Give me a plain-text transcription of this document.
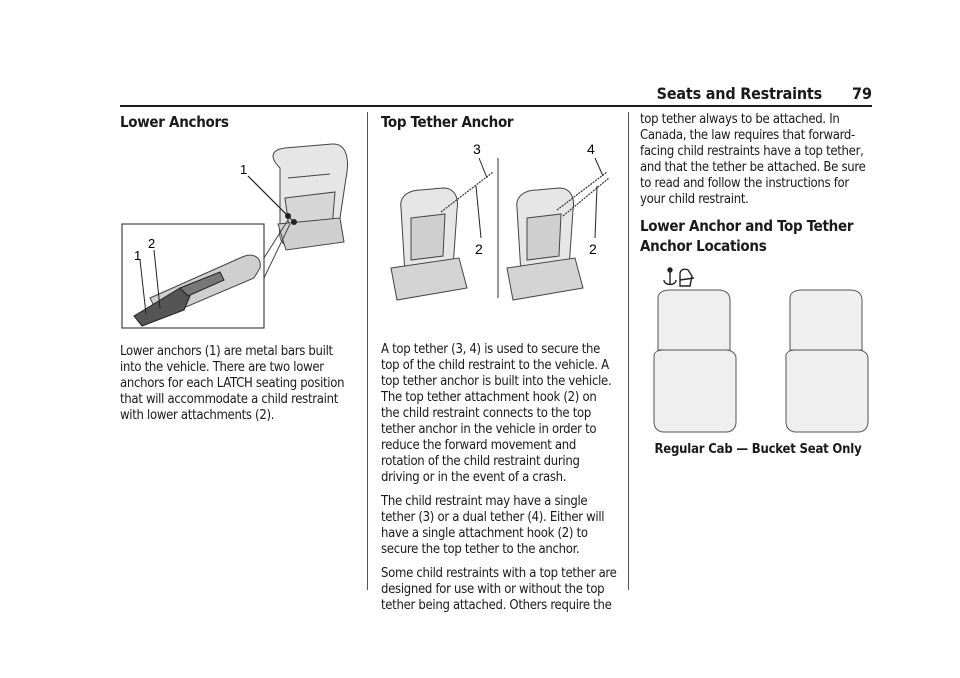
Seats and Restraints 79
Lower Anchors
1
1
2

Lower anchors (1) are metal bars built into the vehicle. There are two lower anchors for each LATCH seating position that will accommodate a child restraint with lower attachments (2).

Top Tether Anchor
3
2
4
2

A top tether (3, 4) is used to secure the top of the child restraint to the vehicle. A top tether anchor is built into the vehicle. The top tether attachment hook (2) on the child restraint connects to the top tether anchor in the vehicle in order to reduce the forward movement and rotation of the child restraint during driving or in the event of a crash.

The child restraint may have a single tether (3) or a dual tether (4). Either will have a single attachment hook (2) to secure the top tether to the anchor.

Some child restraints with a top tether are designed for use with or without the top tether being attached. Others require the

top tether always to be attached. In Canada, the law requires that forward-facing child restraints have a top tether, and that the tether be attached. Be sure to read and follow the instructions for your child restraint.

Lower Anchor and Top Tether Anchor Locations
Regular Cab — Bucket Seat Only
